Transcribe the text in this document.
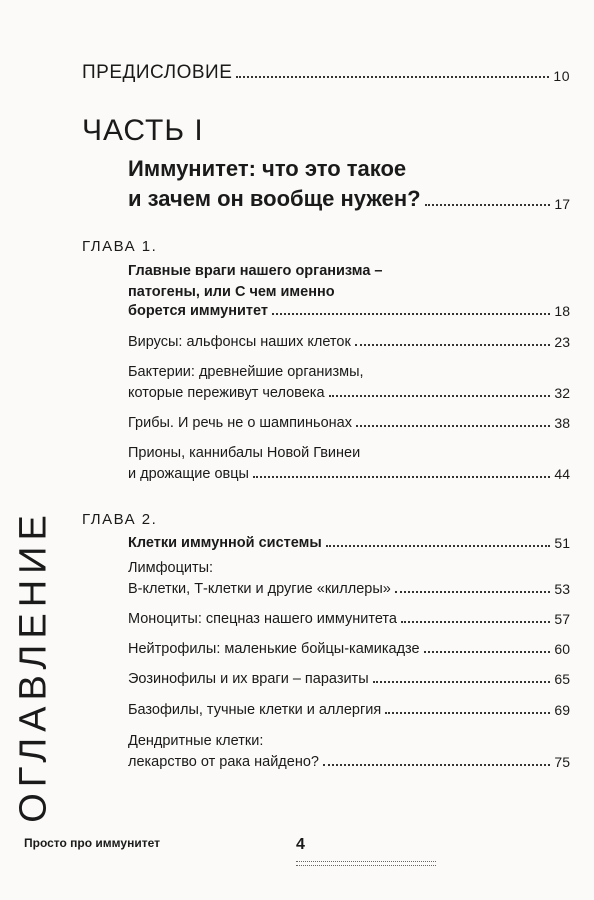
ПРЕДИСЛОВИЕ	10
ЧАСТЬ I
Иммунитет: что это такое
и зачем он вообще нужен?	17
ГЛАВА 1.
Главные враги нашего организма –
патогены, или С чем именно
борется иммунитет	18
Вирусы: альфонсы наших клеток	23
Бактерии: древнейшие организмы,
которые переживут человека	32
Грибы. И речь не о шампиньонах	38
Прионы, каннибалы Новой Гвинеи
и дрожащие овцы	44
ГЛАВА 2.
Клетки иммунной системы	51
Лимфоциты:
В-клетки, Т-клетки и другие «киллеры»	53
Моноциты: спецназ нашего иммунитета	57
Нейтрофилы: маленькие бойцы-камикадзе	60
Эозинофилы и их враги – паразиты	65
Базофилы, тучные клетки и аллергия	69
Дендритные клетки:
лекарство от рака найдено?	75
ОГЛАВЛЕНИЕ
Просто про иммунитет	4
